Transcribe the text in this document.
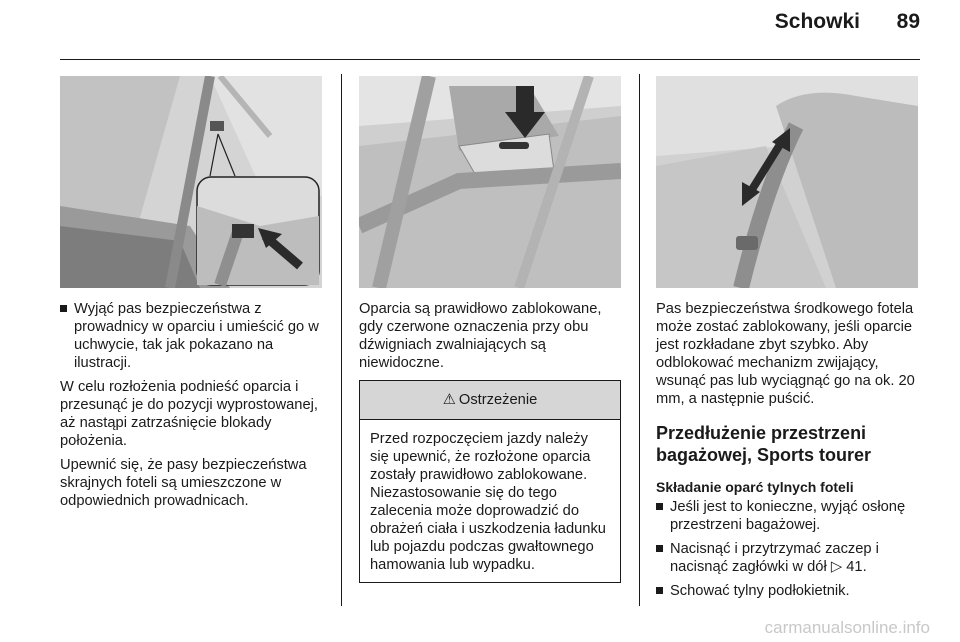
Schowki	89
Wyjąć pas bezpieczeństwa z prowadnicy w oparciu i umieścić go w uchwycie, tak jak pokazano na ilustracji.

W celu rozłożenia podnieść oparcia i przesunąć je do pozycji wyprostowanej, aż nastąpi zatrzaśnięcie blokady położenia.

Upewnić się, że pasy bezpieczeństwa skrajnych foteli są umieszczone w odpowiednich prowadnicach.

Oparcia są prawidłowo zablokowane, gdy czerwone oznaczenia przy obu dźwigniach zwalniających są niewidoczne.

⚠ Ostrzeżenie
Przed rozpoczęciem jazdy należy się upewnić, że rozłożone oparcia zostały prawidłowo zablokowane. Niezastosowanie się do tego zalecenia może doprowadzić do obrażeń ciała i uszkodzenia ładunku lub pojazdu podczas gwałtownego hamowania lub wypadku.

Pas bezpieczeństwa środkowego fotela może zostać zablokowany, jeśli oparcie jest rozkładane zbyt szybko. Aby odblokować mechanizm zwijający, wsunąć pas lub wyciągnąć go na ok. 20 mm, a następnie puścić.

Przedłużenie przestrzeni bagażowej, Sports tourer
Składanie oparć tylnych foteli
Jeśli jest to konieczne, wyjąć osłonę przestrzeni bagażowej.
Nacisnąć i przytrzymać zaczep i nacisnąć zagłówki w dół ▷ 41.
Schować tylny podłokietnik.
carmanualsonline.info
